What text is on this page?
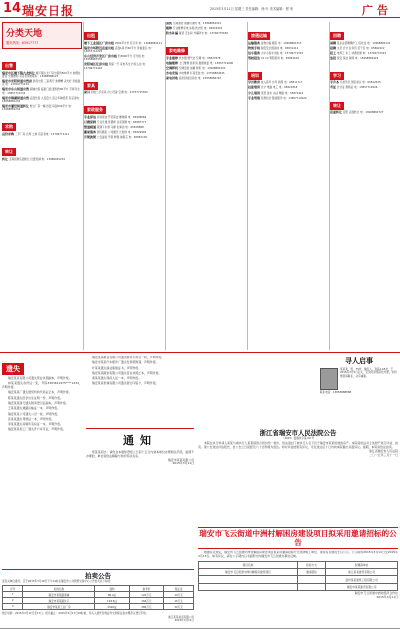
14 瑞安日报	2015年3月11日 星期三 责任编辑：徐 叶 美术编辑：程 荣	广告
分类天地
服务热线：65917777
出售
瑞安市区塘下镇九龙转让 塘下镇九龙厂房出售约500平方 地理位置佳 交通便利 有意者请电联系：13968888123
瑞安市安阳街道出售房 套房出售 三室两厅 装修精 采光好 价格面议 电：13706771234
瑞安市东山街道出售 商铺出售 临街门面 面积约80平方 手续齐全 电：13857711234
瑞安市锦湖街道出售 店面急售 人流量大 适合多种经营 有意者电：15858881234
瑞安市潘岱街道转让 转让厂房一幢 四层 每层600平方 电：13968881234
求购
高价求购 二手厂房 仓库 土地 有意者电：13706771111
转让
转让 玉海街道店面转让 位置优越 电：13989991234
出租
塘下工业园区厂房出租 2500平方米 有行车 电：13968881111
瑞安市场附近店面出租 店面1间 约40平方 价格面议 电：13857712222
东山经济开发区厂房出租 约3000平方 可分租 电：15958883333
安阳城区住房出租 两室一厅 家电齐全 拎包入住 电：13706774444
家具
家具 回收二手家具 办公设备 空调 电：13757715555
家政服务
专业保洁 家庭保洁 开荒保洁 擦玻璃 电：65996666
月嫂保姆 专业月嫂 育婴师 住家保姆 电：65887777
管道疏通 疏通下水道 马桶 化粪池 电：65818888
搬家服务 居民搬家 公司搬迁 长短途 电：65829999
开锁换锁 公安备案 开锁 修锁 换锁芯 电：65881100
清洗 空调清洗 油烟机清洗 电：13868881212
维修 专业维修家电 冰箱 洗衣机 电：65823434
防水补漏 屋顶 卫生间 外墙防水 电：13706775656
家电维修
专业维修 热水器 燃气灶 空调 电：65827878
电脑维修 上门维修 装系统 数据恢复 电：13857719090
空调移机 空调安装 加氟 移机 电：13968882323
水电安装 水电维修 灯具安装 电：13758884545
家电回收 高价回收旧家电 电：15958886767
旅通运输
运输服务 货物运输 搬家 电：13968881313
物流专线 瑞安至全国各地 电：65831414
包车服务 大中小客车出租 电：13706771515
驾校招生 C1 C2 驾照培训 电：65861616
培训
学历教育 成人高考 自考 函授 电：65811717
技能培训 会计 电脑 电工 电：65821818
少儿培训 英语 美术 书法 舞蹈 电：65871919
专业驾培 包教包会 随到随学 电：13857712020
招聘
诚聘 某企业招聘操作工 包吃住 电：13968882121
招聘 文员 会计 业务员 若干名 电：65862222
招工 电焊工 车工 待遇优厚 电：13706772323
急招 保安 保洁 厨师 电：15958882424
学习
专升本 名校学历 国家承认 电：65812525
考证 会计证 教师证 电：13857712626
转让
店面转让 安阳 店面转让 电：13968882727
遗失
瑞安某某有限公司遗失营业执照副本，声明作废。
林某某遗失身份证一张，号码3303811975****1234，声明作废。
瑞安某某厂遗失组织机构代码证正本，声明作废。
陈某某遗失医学出生证明一份，声明作废。
瑞安某某商行遗失税务登记证副本，声明作废。
王某某遗失道路运输证一本，声明作废。
瑞安某某公司遗失公章一枚，声明作废。
张某某遗失驾驶证一本，声明作废。
李某某遗失房屋所有权证一本，声明作废。
瑞安某某加工厂遗失开户许可证，声明作废。
瑞安某某鞋业有限公司遗失财务专用章一枚，声明作废。
瑞安市某某汽车配件厂遗失发票领购簿，声明作废。
叶某某遗失渔业船舶证书，声明作废。
瑞安某某服饰有限公司遗失营业执照正本，声明作废。
黄某某遗失残疾人证一本，声明作废。
瑞安某某机械有限公司遗失银行印鉴卡，声明作废。
通知
郑某某同志：请你自本通知登报之日起十五日内到本单位办理相关手续，逾期不办理的，单位将依法解除与你的劳动关系。
瑞安市某某有限公司
2015年3月11日
寻人启事
某某某，男，75岁，瑞安人，身高1.65米，于2015年3月5日走失，走失时身穿深色外套，有知情者请联系，必有重谢。
联系电话：13858888888
浙江省瑞安市人民法院公告
（2015）温瑞执字第 00 号
本院在执行申请人某某与被执行人某某借款合同纠纷一案中，依法查封了被执行人名下位于瑞安市某某街道的房产。本院将依法对上述财产进行评估、拍卖。现公告送达评估报告，自公告之日起经过六十日即视为送达。如对评估结果有异议，可在送达后十日内向本院提出书面异议。逾期，本院将依法拍卖。
浙江省瑞安市人民法院
二〇一五年三月十一日
瑞安市飞云街道中洲村解困房建设项目拟采用邀请招标的公告
根据有关规定，瑞安市飞云街道中洲村解困房建设项目拟采用邀请招标方式选择施工单位，现将有关情况予以公示，公示期为2015年3月11日至2015年3月15日。如有异议，请在公示期内以书面形式向瑞安市飞云街道办事处反映。
项目名称	招标方式	拟邀请单位
瑞安市飞云街道中洲村解困房建设项目	邀请招标	浙江某某建设有限公司
		温州某某建筑工程有限公司
		瑞安市某某建设有限公司
瑞安市飞云街道中洲村经济合作社
2015年3月11日
拍卖公告
受有关单位委托，定于2015年3月18日下午14时在瑞安市公共资源交易中心公开拍卖以下标的：
序号	标的名称	面积	参考价	保证金
1	瑞安市某某路商铺	86.2㎡	120万元	10万元
2	瑞安市某某路住宅	128.5㎡	156万元	15万元
3	瑞安市某某工业厂房	1520㎡	380万元	30万元
展示时间：2015年3月12日至17日。报名截止：2015年3月17日16时前，竞买人须凭有效证件交纳保证金办理竞买登记手续。
浙江某某拍卖有限公司
2015年3月11日
